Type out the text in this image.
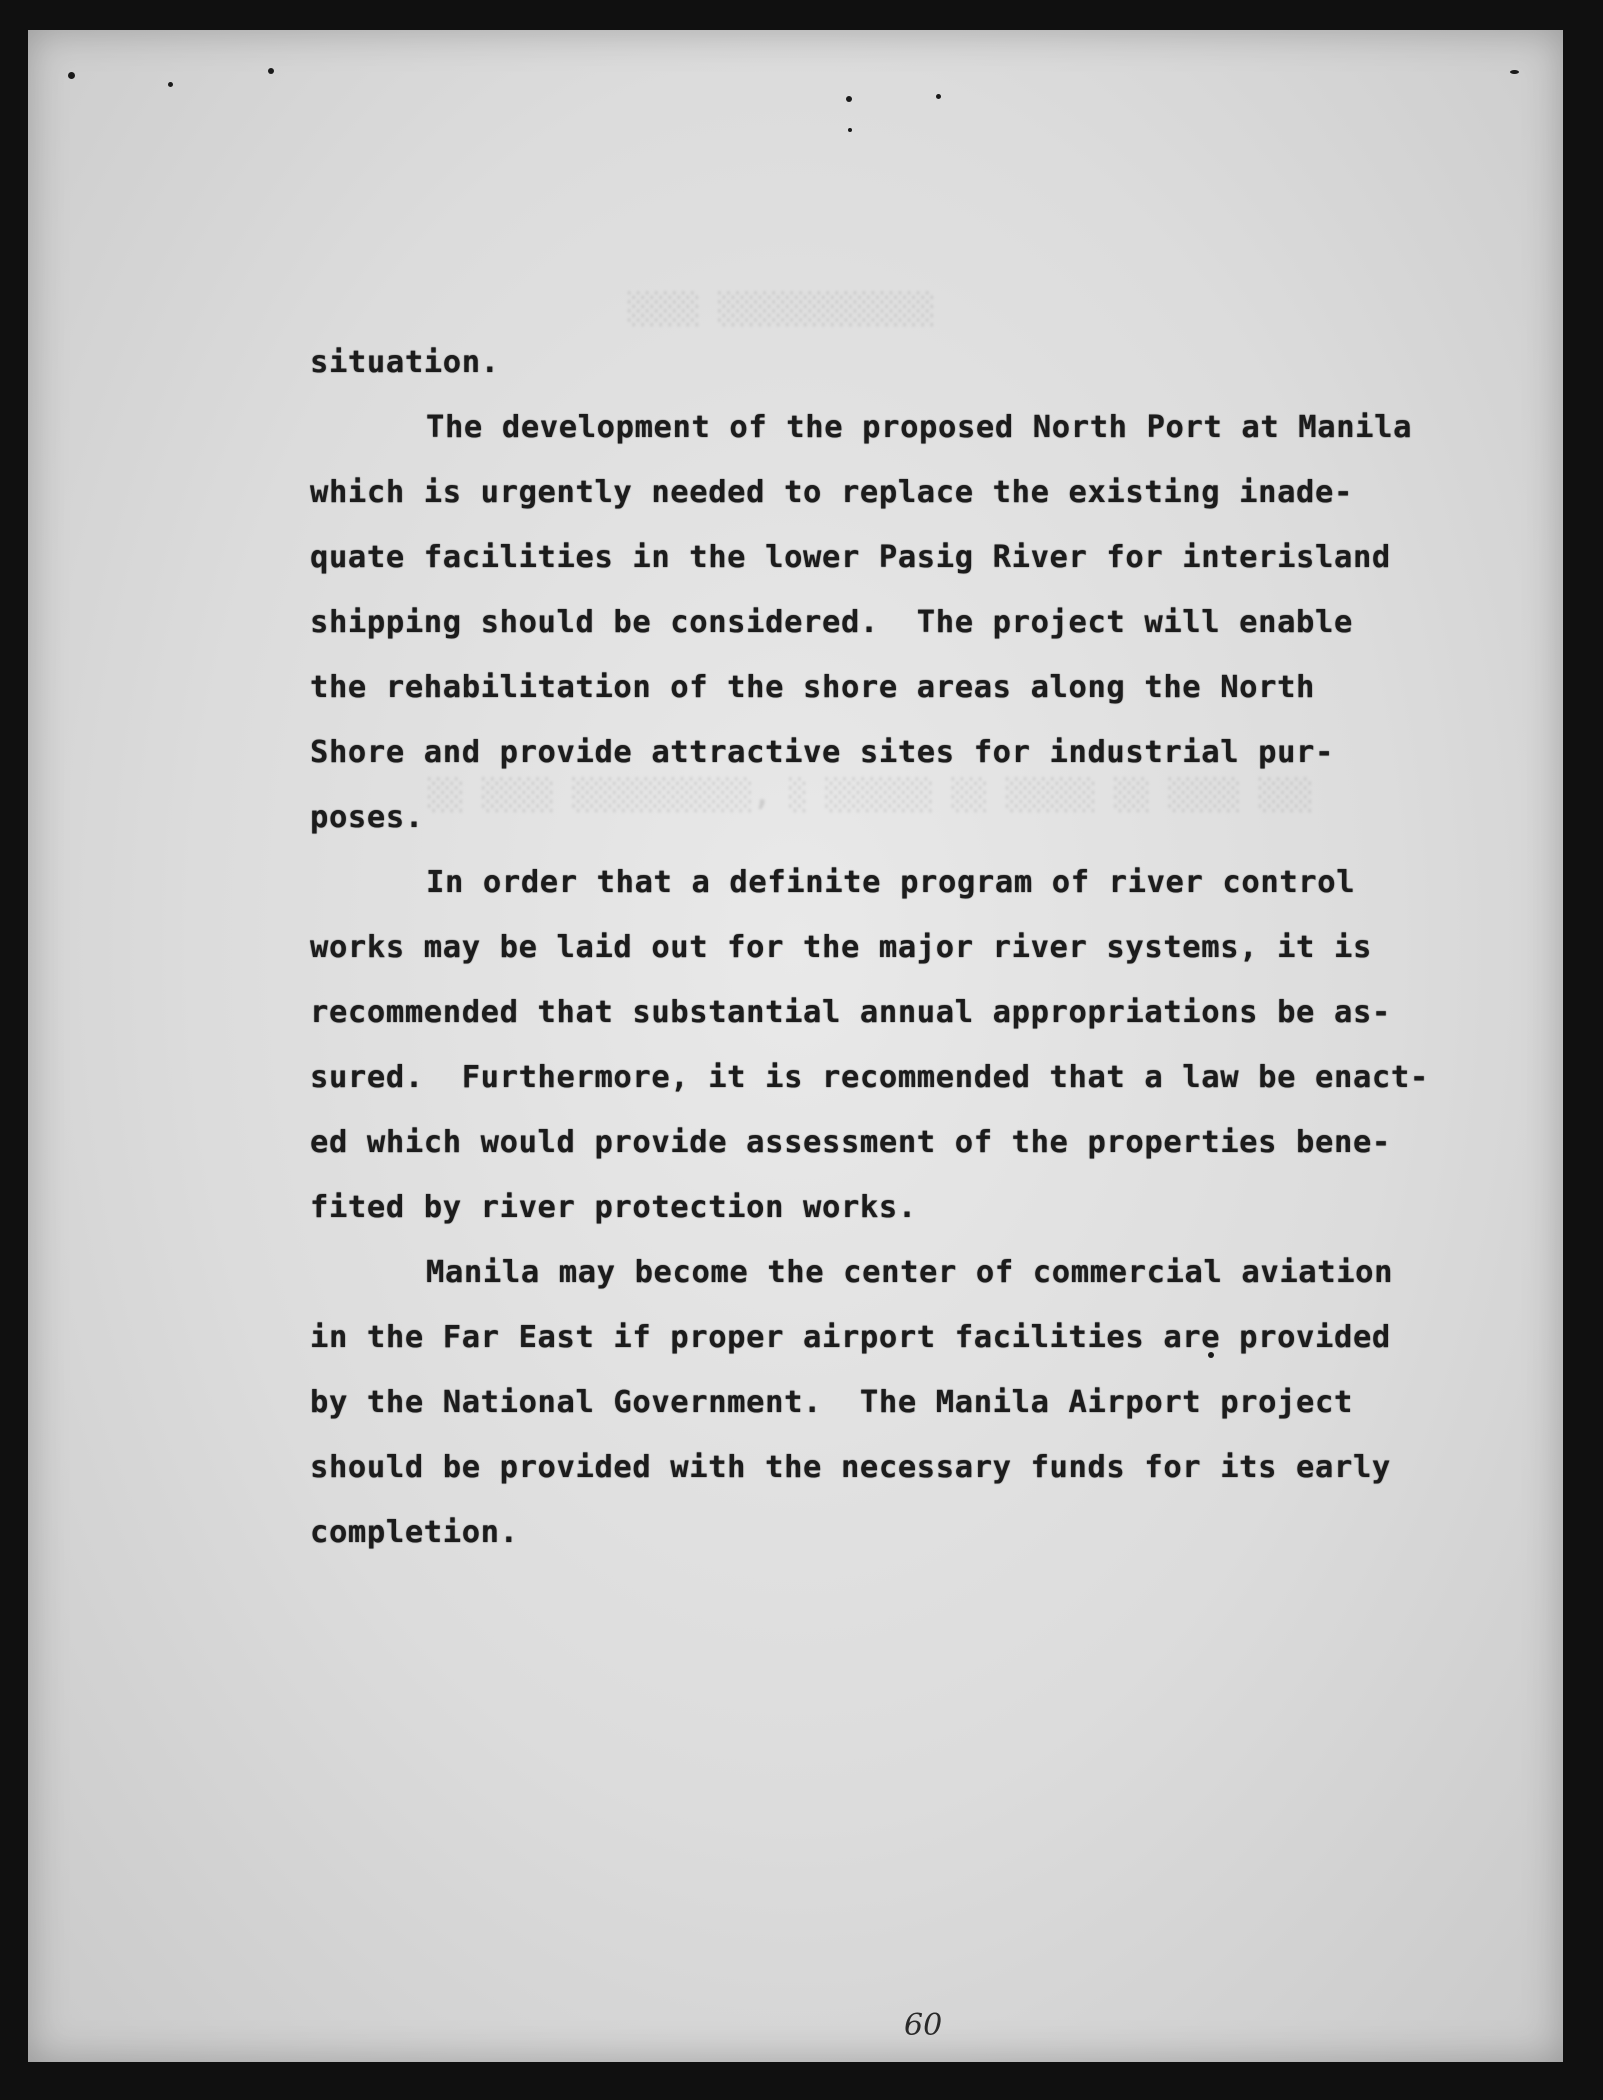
░░░░ ░░░░░░░░░░░░
░░ ░░░░ ░░░░░░░░░░, ░ ░░░░░░ ░░ ░░░░░ ░░ ░░░░ ░░░
situation.
The development of the proposed North Port at Manila
which is urgently needed to replace the existing inade-
quate facilities in the lower Pasig River for interisland
shipping should be considered.  The project will enable
the rehabilitation of the shore areas along the North
Shore and provide attractive sites for industrial pur-
poses.
In order that a definite program of river control
works may be laid out for the major river systems, it is
recommended that substantial annual appropriations be as-
sured.  Furthermore, it is recommended that a law be enact-
ed which would provide assessment of the properties bene-
fited by river protection works.
Manila may become the center of commercial aviation
in the Far East if proper airport facilities are provided
by the National Government.  The Manila Airport project
should be provided with the necessary funds for its early
completion.
60
